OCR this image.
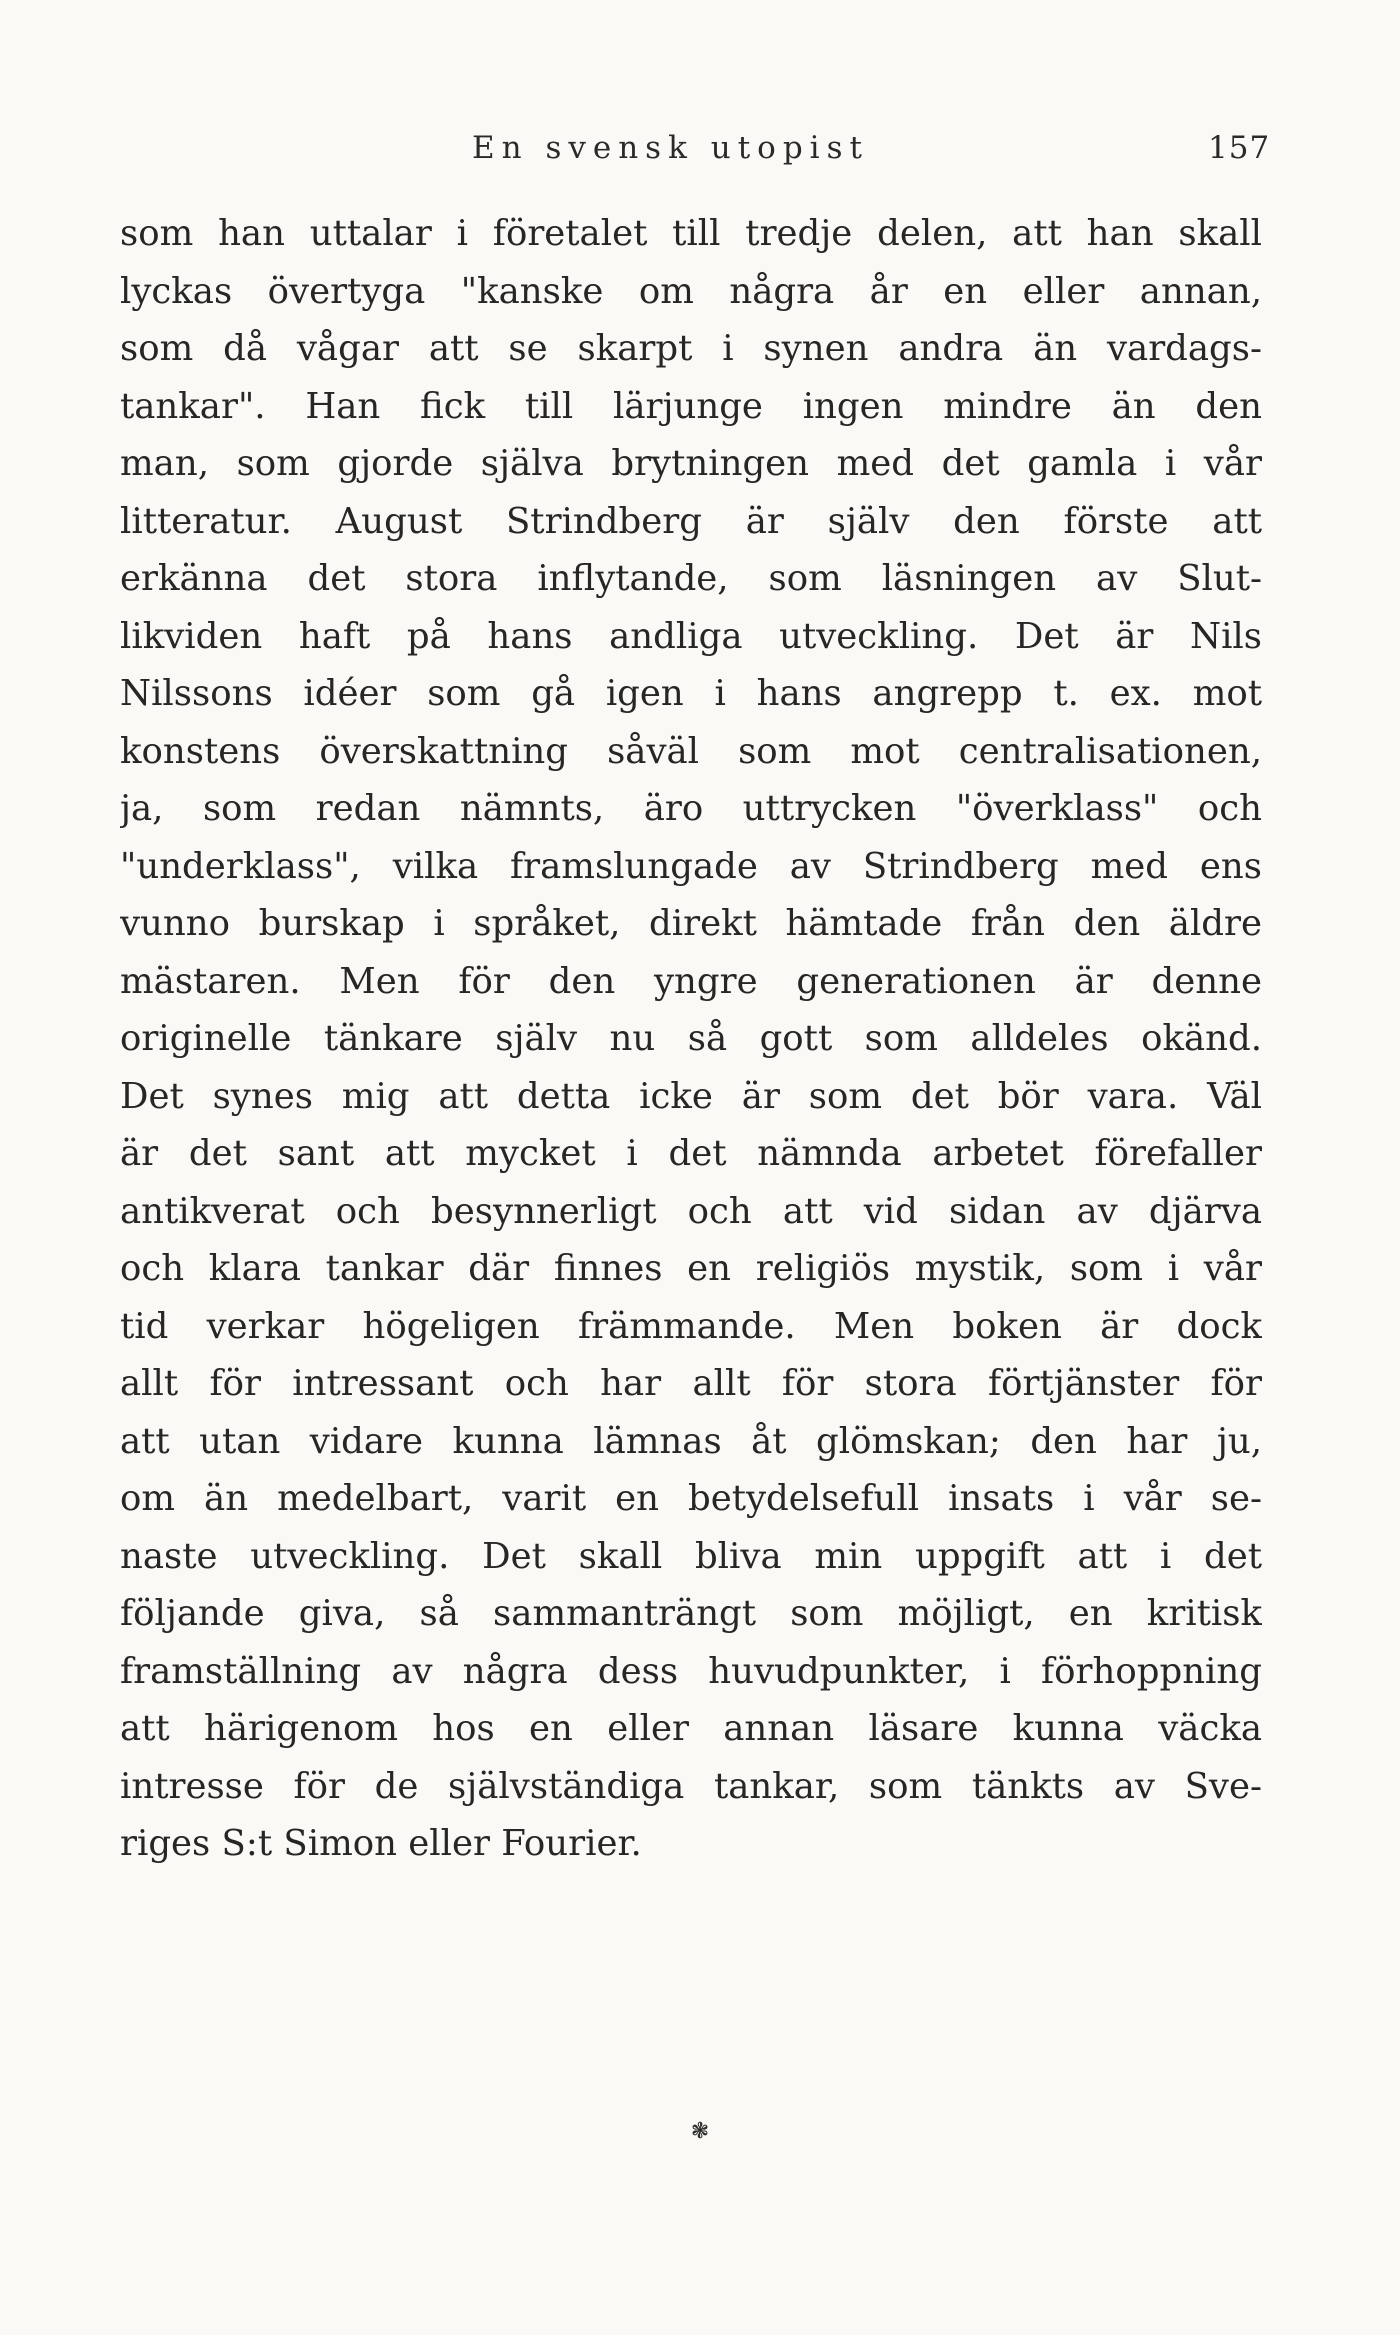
En svensk utopist	157
som han uttalar i företalet till tredje delen, att han skall
lyckas övertyga "kanske om några år en eller annan,
som då vågar att se skarpt i synen andra än vardags-
tankar". Han fick till lärjunge ingen mindre än den
man, som gjorde själva brytningen med det gamla i vår
litteratur. August Strindberg är själv den förste att
erkänna det stora inflytande, som läsningen av Slut-
likviden haft på hans andliga utveckling. Det är Nils
Nilssons idéer som gå igen i hans angrepp t. ex. mot
konstens överskattning såväl som mot centralisationen,
ja, som redan nämnts, äro uttrycken "överklass" och
"underklass", vilka framslungade av Strindberg med ens
vunno burskap i språket, direkt hämtade från den äldre
mästaren. Men för den yngre generationen är denne
originelle tänkare själv nu så gott som alldeles okänd.
Det synes mig att detta icke är som det bör vara. Väl
är det sant att mycket i det nämnda arbetet förefaller
antikverat och besynnerligt och att vid sidan av djärva
och klara tankar där finnes en religiös mystik, som i vår
tid verkar högeligen främmande. Men boken är dock
allt för intressant och har allt för stora förtjänster för
att utan vidare kunna lämnas åt glömskan; den har ju,
om än medelbart, varit en betydelsefull insats i vår se-
naste utveckling. Det skall bliva min uppgift att i det
följande giva, så sammanträngt som möjligt, en kritisk
framställning av några dess huvudpunkter, i förhoppning
att härigenom hos en eller annan läsare kunna väcka
intresse för de självständiga tankar, som tänkts av Sve-
riges S:t Simon eller Fourier.
❃
